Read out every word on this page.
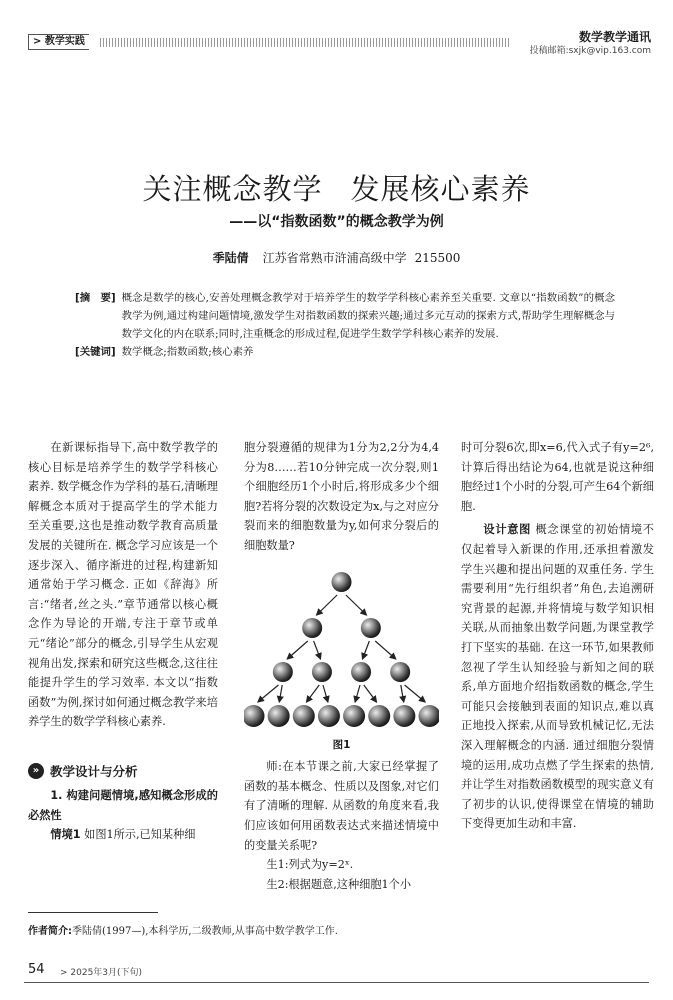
> 教学实践	数学教学通讯
投稿邮箱:sxjk@vip.163.com
关注概念教学 发展核心素养
——以“指数函数”的概念教学为例
季陆倩 江苏省常熟市浒浦高级中学 215500
[摘　要] 概念是数学的核心,安善处理概念教学对于培养学生的数学学科核心素养至关重要. 文章以“指数函数”的概念教学为例,通过构建问题情境,激发学生对指数函数的探索兴趣;通过多元互动的探索方式,帮助学生理解概念与数学文化的内在联系;同时,注重概念的形成过程,促进学生数学学科核心素养的发展.
[关键词] 数学概念;指数函数;核心素养

在新课标指导下,高中数学教学的核心目标是培养学生的数学学科核心素养. 数学概念作为学科的基石,清晰理解概念本质对于提高学生的学术能力至关重要,这也是推动数学教育高质量发展的关键所在. 概念学习应该是一个逐步深入、循序渐进的过程,构建新知通常始于学习概念. 正如《辞海》所言:“绪者,丝之头.”章节通常以核心概念作为导论的开端,专注于章节或单元“绪论”部分的概念,引导学生从宏观视角出发,探索和研究这些概念,这往往能提升学生的学习效率. 本文以“指数函数”为例,探讨如何通过概念教学来培养学生的数学学科核心素养.

» 教学设计与分析

1. 构建问题情境,感知概念形成的必然性

情境1 如图1所示,已知某种细

胞分裂遵循的规律为1分为2,2分为4,4分为8……若10分钟完成一次分裂,则1个细胞经历1个小时后,将形成多少个细胞?若将分裂的次数设定为x,与之对应分裂而来的细胞数量为y,如何求分裂后的细胞数量?

图1

师:在本节课之前,大家已经掌握了函数的基本概念、性质以及图象,对它们有了清晰的理解. 从函数的角度来看,我们应该如何用函数表达式来描述情境中的变量关系呢?

生1:列式为y=2ˣ.

生2:根据题意,这种细胞1个小

时可分裂6次,即x=6,代入式子有y=2⁶,计算后得出结论为64,也就是说这种细胞经过1个小时的分裂,可产生64个新细胞.

设计意图 概念课堂的初始情境不仅起着导入新课的作用,还承担着激发学生兴趣和提出问题的双重任务. 学生需要利用“先行组织者”角色,去追溯研究背景的起源,并将情境与数学知识相关联,从而抽象出数学问题,为课堂教学打下坚实的基础. 在这一环节,如果教师忽视了学生认知经验与新知之间的联系,单方面地介绍指数函数的概念,学生可能只会接触到表面的知识点,难以真正地投入探索,从而导致机械记忆,无法深入理解概念的内涵. 通过细胞分裂情境的运用,成功点燃了学生探索的热情,并让学生对指数函数模型的现实意义有了初步的认识,使得课堂在情境的辅助下变得更加生动和丰富.

作者简介:季陆倩(1997—),本科学历,二级教师,从事高中数学教学工作.
54 > 2025年3月(下旬)
